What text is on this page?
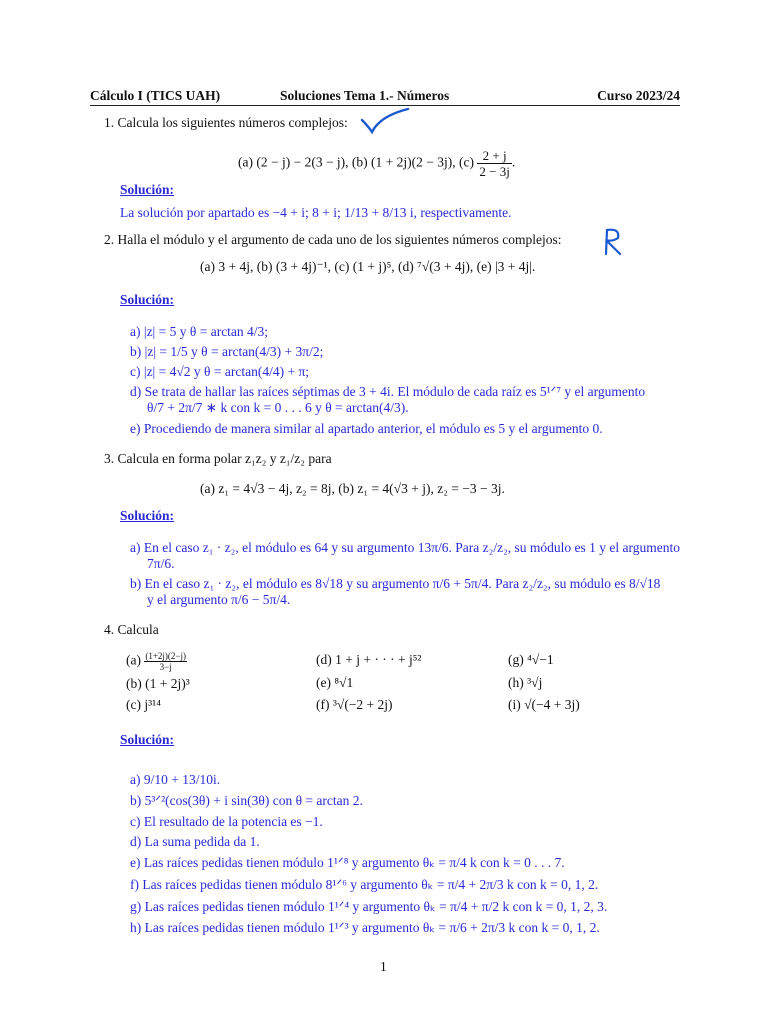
Cálculo I (TICS UAH)	Soluciones Tema 1.- Números	Curso 2023/24
1. Calcula los siguientes números complejos:
(a) (2 − j) − 2(3 − j), (b) (1 + 2j)(2 − 3j), $(c) \frac{2 + j}{2 - 3j}$ .
Solución:
La solución por apartado es −4 + i; 8 + i; 1/13 + 8/13 i, respectivamente.
2. Halla el módulo y el argumento de cada uno de los siguientes números complejos:
(a) 3 + 4j, (b) (3 + 4j)⁻¹, (c) (1 + j)⁵, (d) ⁷√(3 + 4j), (e) |3 + 4j|.
Solución:
a) |z| = 5 y θ = arctan 4/3;
b) |z| = 1/5 y θ = arctan(4/3) + 3π/2;
c) |z| = 4√2 y θ = arctan(4/4) + π;
d) Se trata de hallar las raíces séptimas de 3 + 4i. El módulo de cada raíz es 5¹ᐟ⁷ y el argumento
θ/7 + 2π/7 ∗ k con k = 0 . . . 6 y θ = arctan(4/3).
e) Procediendo de manera similar al apartado anterior, el módulo es 5 y el argumento 0.
3. Calcula en forma polar z₁z₂ y z₁/z₂ para
(a) z₁ = 4√3 − 4j, z₂ = 8j, (b) z₁ = 4(√3 + j), z₂ = −3 − 3j.
Solución:
a) En el caso z₁ · z₂, el módulo es 64 y su argumento 13π/6. Para z₂/z₂, su módulo es 1 y el argumento
7π/6.
b) En el caso z₁ · z₂, el módulo es 8√18 y su argumento π/6 + 5π/4. Para z₂/z₂, su módulo es 8/√18
y el argumento π/6 − 5π/4.
4. Calcula
$(a) \frac{(1+2j)(2-j)}{3-j}$
(b) (1 + 2j)³
(c) j³¹⁴
(d) 1 + j + · · · + j⁵²
(e) ⁸√1
(f) ³√(−2 + 2j)
(g) ⁴√−1
(h) ³√j
(i) √(−4 + 3j)
Solución:
a) 9/10 + 13/10i.
b) 5³ᐟ²(cos(3θ) + i sin(3θ) con θ = arctan 2.
c) El resultado de la potencia es −1.
d) La suma pedida da 1.
e) Las raíces pedidas tienen módulo 1¹ᐟ⁸ y argumento θₖ = π/4 k con k = 0 . . . 7.
f) Las raíces pedidas tienen módulo 8¹ᐟ⁶ y argumento θₖ = π/4 + 2π/3 k con k = 0, 1, 2.
g) Las raíces pedidas tienen módulo 1¹ᐟ⁴ y argumento θₖ = π/4 + π/2 k con k = 0, 1, 2, 3.
h) Las raíces pedidas tienen módulo 1¹ᐟ³ y argumento θₖ = π/6 + 2π/3 k con k = 0, 1, 2.
1
